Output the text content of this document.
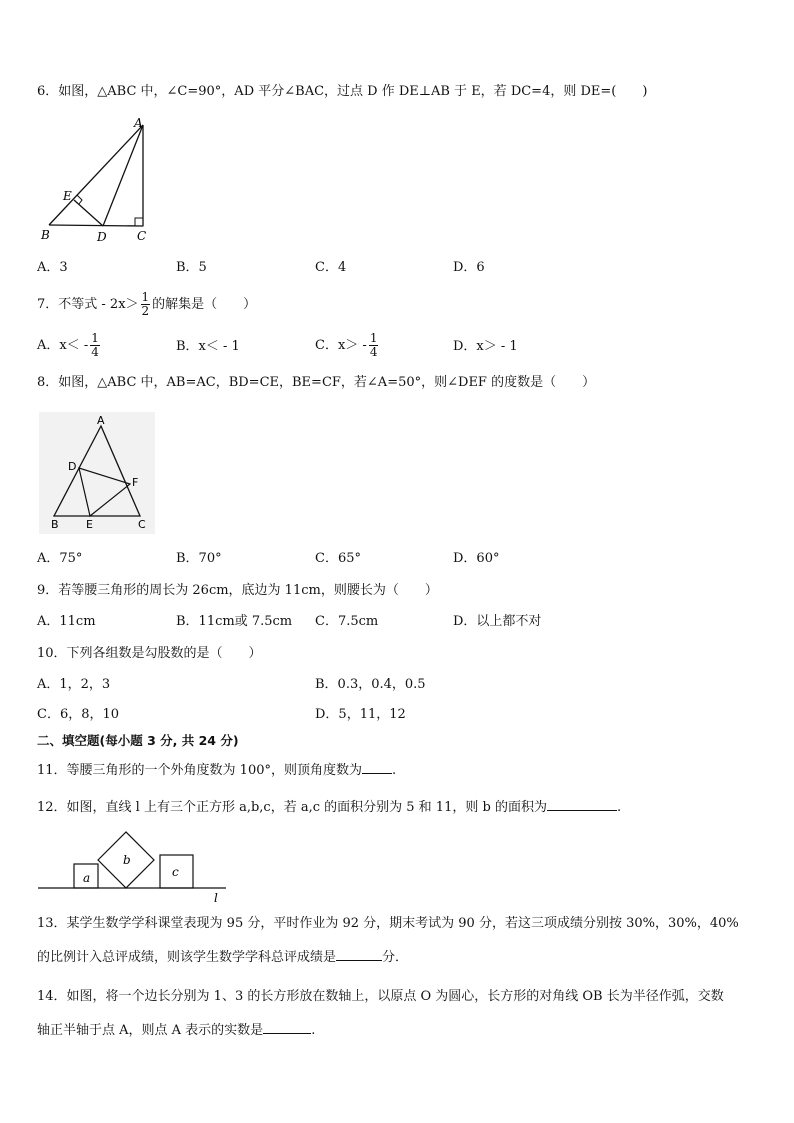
6．如图，△ABC 中，∠C=90°，AD 平分∠BAC，过点 D 作 DE⊥AB 于 E，若 DC=4，则 DE=(　　)
A
E
B	D	C
A．3	B．5	C．4	D．6
7．不等式 - $2x> \frac{1}{2}$ 的解集是（　　）
A．$x< - \frac{1}{4}$	B．x＜ - 1	C．$x> - \frac{1}{4}$	D．x＞ - 1
8．如图，△ABC 中，AB=AC，BD=CE，BE=CF，若∠A=50°，则∠DEF 的度数是（　　）
A
D
F
B E	C
A．75°	B．70°	C．65°	D．60°
9．若等腰三角形的周长为 26cm，底边为 11cm，则腰长为（　　）
A．11cm	B．11cm或 7.5cm C．7.5cm	D．以上都不对
10．下列各组数是勾股数的是（　　）
A．1，2，3	B．0.3，0.4，0.5
C．6，8，10	D．5，11，12
二、填空题(每小题 3 分, 共 24 分)
11．等腰三角形的一个外角度数为 100°，则顶角度数为 .
12．如图，直线 l 上有三个正方形 a,b,c，若 a,c 的面积分别为 5 和 11，则 b 的面积为	.
a
b
c
l
13．某学生数学学科课堂表现为 95 分，平时作业为 92 分，期末考试为 90 分，若这三项成绩分别按 30%，30%，40%
的比例计入总评成绩，则该学生数学学科总评成绩是	分．
14．如图，将一个边长分别为 1、3 的长方形放在数轴上，以原点 O 为圆心，长方形的对角线 OB 长为半径作弧，交数
轴正半轴于点 A，则点 A 表示的实数是	.
